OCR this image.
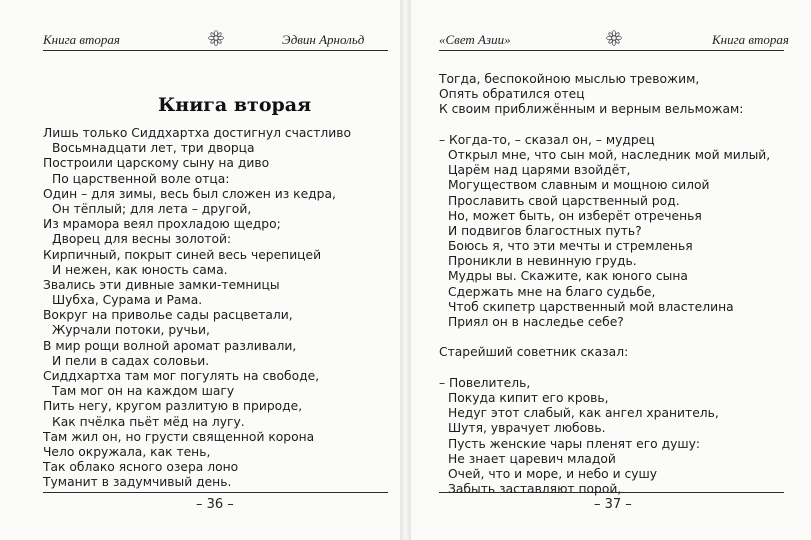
Книга вторая	Эдвин Арнольд
Книга вторая
Лишь только Сиддхартха достигнул счастливо
Восьмнадцати лет, три дворца
Построили царскому сыну на диво
По царственной воле отца:
Один – для зимы, весь был сложен из кедра,
Он тёплый; для лета – другой,
Из мрамора веял прохладою щедро;
Дворец для весны золотой:
Кирпичный, покрыт синей весь черепицей
И нежен, как юность сама.
Звались эти дивные замки-темницы
Шубха, Сурама и Рама.
Вокруг на приволье сады расцветали,
Журчали потоки, ручьи,
В мир рощи волной аромат разливали,
И пели в садах соловьи.
Сиддхартха там мог погулять на свободе,
Там мог он на каждом шагу
Пить негу, кругом разлитую в природе,
Как пчёлка пьёт мёд на лугу.
Там жил он, но грусти священной корона
Чело окружала, как тень,
Так облако ясного озера лоно
Туманит в задумчивый день.
– 36 –
«Свет Азии»	Книга вторая
Тогда, беспокойною мыслью тревожим,
Опять обратился отец
К своим приближённым и верным вельможам:
– Когда-то, – сказал он, – мудрец
Открыл мне, что сын мой, наследник мой милый,
Царём над царями взойдёт,
Могуществом славным и мощною силой
Прославить свой царственный род.
Но, может быть, он изберёт отреченья
И подвигов благостных путь?
Боюсь я, что эти мечты и стремленья
Проникли в невинную грудь.
Мудры вы. Скажите, как юного сына
Сдержать мне на благо судьбе,
Чтоб скипетр царственный мой властелина
Приял он в наследье себе?
Старейший советник сказал:
– Повелитель,
Покуда кипит его кровь,
Недуг этот слабый, как ангел хранитель,
Шутя, уврачует любовь.
Пусть женские чары пленят его душу:
Не знает царевич младой
Очей, что и море, и небо и сушу
Забыть заставляют порой,
– 37 –
